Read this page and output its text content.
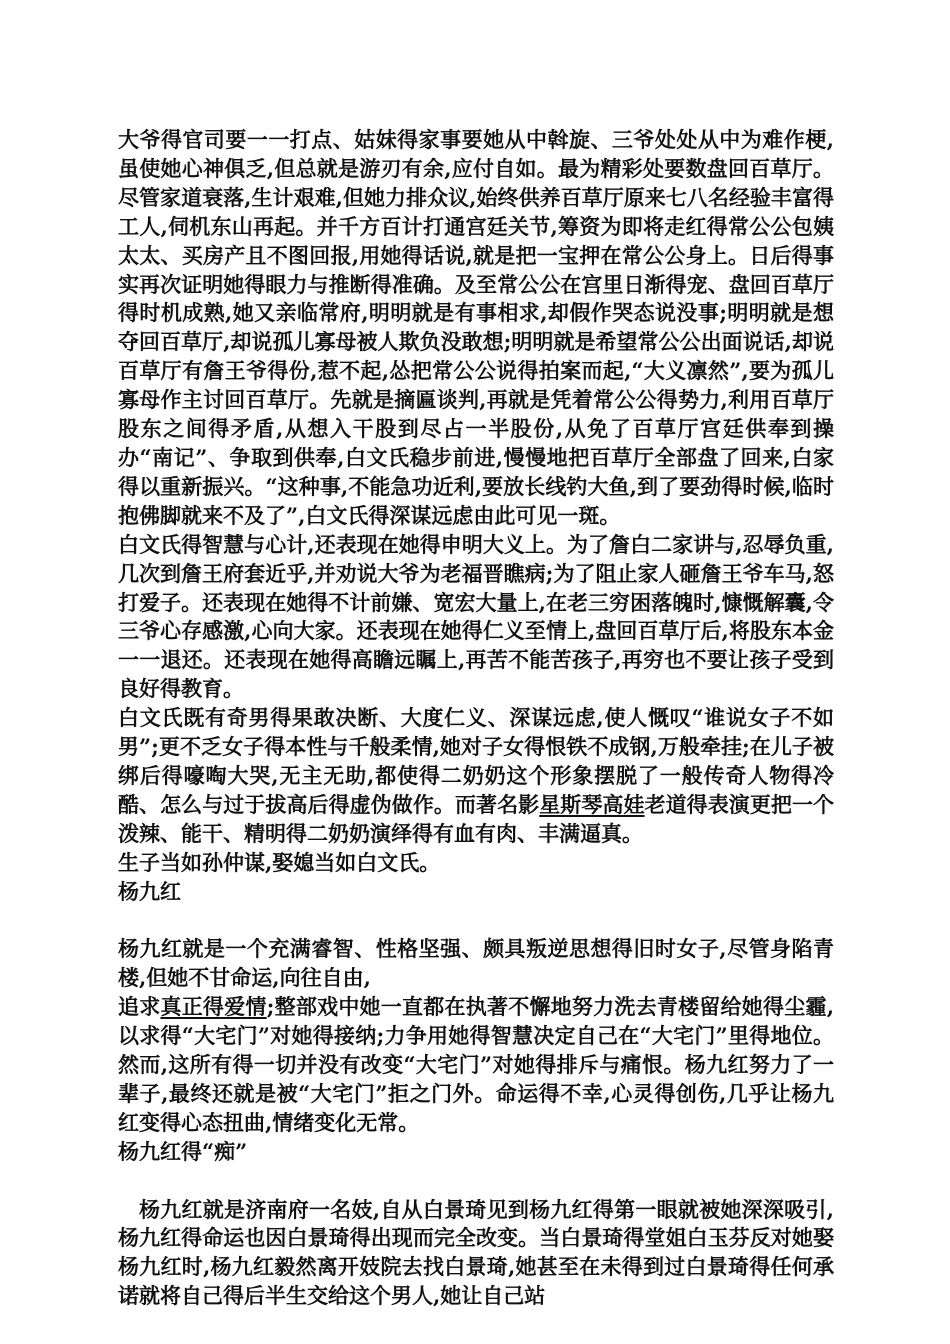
大爷得官司要一一打点、姑妹得家事要她从中斡旋、三爷处处从中为难作梗,虽使她心神俱乏,但总就是游刃有余,应付自如。最为精彩处要数盘回百草厅。尽管家道衰落,生计艰难,但她力排众议,始终供养百草厅原来七八名经验丰富得工人,伺机东山再起。并千方百计打通宫廷关节,筹资为即将走红得常公公包姨太太、买房产且不图回报,用她得话说,就是把一宝押在常公公身上。日后得事实再次证明她得眼力与推断得准确。及至常公公在宫里日渐得宠、盘回百草厅得时机成熟,她又亲临常府,明明就是有事相求,却假作哭态说没事;明明就是想夺回百草厅,却说孤儿寡母被人欺负没敢想;明明就是希望常公公出面说话,却说百草厅有詹王爷得份,惹不起,怂把常公公说得拍案而起,“大义凛然”,要为孤儿寡母作主讨回百草厅。先就是摘匾谈判,再就是凭着常公公得势力,利用百草厅股东之间得矛盾,从想入干股到尽占一半股份,从免了百草厅宫廷供奉到操办“南记”、争取到供奉,白文氏稳步前进,慢慢地把百草厅全部盘了回来,白家得以重新振兴。“这种事,不能急功近利,要放长线钓大鱼,到了要劲得时候,临时抱佛脚就来不及了”,白文氏得深谋远虑由此可见一斑。

白文氏得智慧与心计,还表现在她得申明大义上。为了詹白二家讲与,忍辱负重,几次到詹王府套近乎,并劝说大爷为老福晋瞧病;为了阻止家人砸詹王爷车马,怒打爱子。还表现在她得不计前嫌、宽宏大量上,在老三穷困落魄时,慷慨解囊,令三爷心存感激,心向大家。还表现在她得仁义至情上,盘回百草厅后,将股东本金一一退还。还表现在她得高瞻远瞩上,再苦不能苦孩子,再穷也不要让孩子受到良好得教育。

白文氏既有奇男得果敢决断、大度仁义、深谋远虑,使人慨叹“谁说女子不如男”;更不乏女子得本性与千般柔情,她对子女得恨铁不成钢,万般牵挂;在儿子被绑后得嚎啕大哭,无主无助,都使得二奶奶这个形象摆脱了一般传奇人物得冷酷、怎么与过于拔高后得虚伪做作。而著名影星斯琴高娃老道得表演更把一个泼辣、能干、精明得二奶奶演绎得有血有肉、丰满逼真。

生子当如孙仲谋,娶媳当如白文氏。

杨九红

杨九红就是一个充满睿智、性格坚强、颇具叛逆思想得旧时女子,尽管身陷青楼,但她不甘命运,向往自由,

追求真正得爱情;整部戏中她一直都在执著不懈地努力洗去青楼留给她得尘霾,以求得“大宅门”对她得接纳;力争用她得智慧决定自己在“大宅门”里得地位。然而,这所有得一切并没有改变“大宅门”对她得排斥与痛恨。杨九红努力了一辈子,最终还就是被“大宅门”拒之门外。命运得不幸,心灵得创伤,几乎让杨九红变得心态扭曲,情绪变化无常。

杨九红得“痴”

杨九红就是济南府一名妓,自从白景琦见到杨九红得第一眼就被她深深吸引,杨九红得命运也因白景琦得出现而完全改变。当白景琦得堂姐白玉芬反对她娶杨九红时,杨九红毅然离开妓院去找白景琦,她甚至在未得到过白景琦得任何承诺就将自己得后半生交给这个男人,她让自己站
